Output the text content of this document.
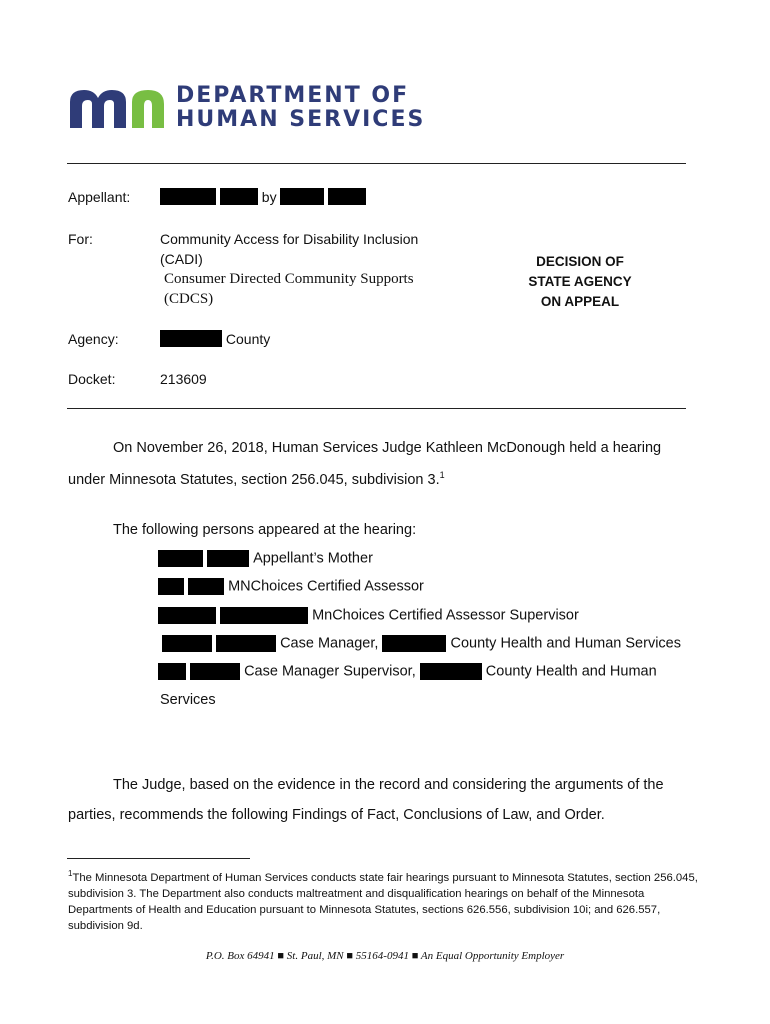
DEPARTMENT OF
HUMAN SERVICES
Appellant:	by
For:	Community Access for Disability Inclusion
(CADI)
Consumer Directed Community Supports
(CDCS)
DECISION OF
STATE AGENCY
ON APPEAL
Agency:	County
Docket:	213609
On November 26, 2018, Human Services Judge Kathleen McDonough held a hearing
under Minnesota Statutes, section 256.045, subdivision 3.$^1$
The following persons appeared at the hearing:
Appellant’s Mother
MNChoices Certified Assessor
MnChoices Certified Assessor Supervisor
Case Manager,	County Health and Human Services
Case Manager Supervisor,	County Health and Human
Services
The Judge, based on the evidence in the record and considering the arguments of the
parties, recommends the following Findings of Fact, Conclusions of Law, and Order.
$^1$The Minnesota Department of Human Services conducts state fair hearings pursuant to Minnesota Statutes, section 256.045, subdivision 3. The Department also conducts maltreatment and disqualification hearings on behalf of the Minnesota Departments of Health and Education pursuant to Minnesota Statutes, sections 626.556, subdivision 10i; and 626.557, subdivision 9d.
P.O. Box 64941 ■ St. Paul, MN ■ 55164-0941 ■ An Equal Opportunity Employer
